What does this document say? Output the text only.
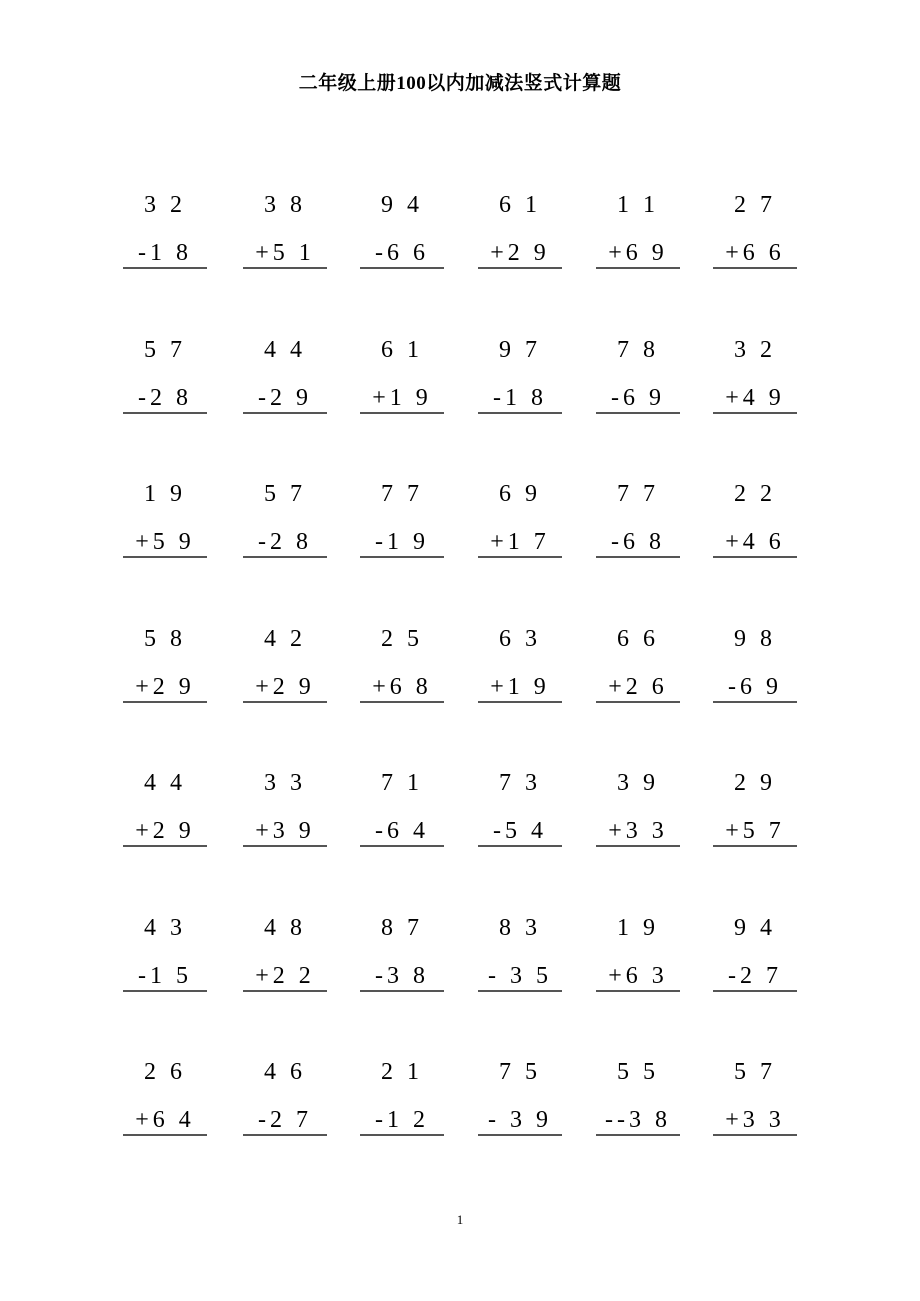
二年级上册100以内加减法竖式计算题
3 2
-1 8
3 8
+5 1
9 4
-6 6
6 1
+2 9
1 1
+6 9
2 7
+6 6
5 7
-2 8
4 4
-2 9
6 1
+1 9
9 7
-1 8
7 8
-6 9
3 2
+4 9
1 9
+5 9
5 7
-2 8
7 7
-1 9
6 9
+1 7
7 7
-6 8
2 2
+4 6
5 8
+2 9
4 2
+2 9
2 5
+6 8
6 3
+1 9
6 6
+2 6
9 8
-6 9
4 4
+2 9
3 3
+3 9
7 1
-6 4
7 3
-5 4
3 9
+3 3
2 9
+5 7
4 3
-1 5
4 8
+2 2
8 7
-3 8
8 3
- 3 5
1 9
+6 3
9 4
-2 7
2 6
+6 4
4 6
-2 7
2 1
-1 2
7 5
- 3 9
5 5
--3 8
5 7
+3 3
1
